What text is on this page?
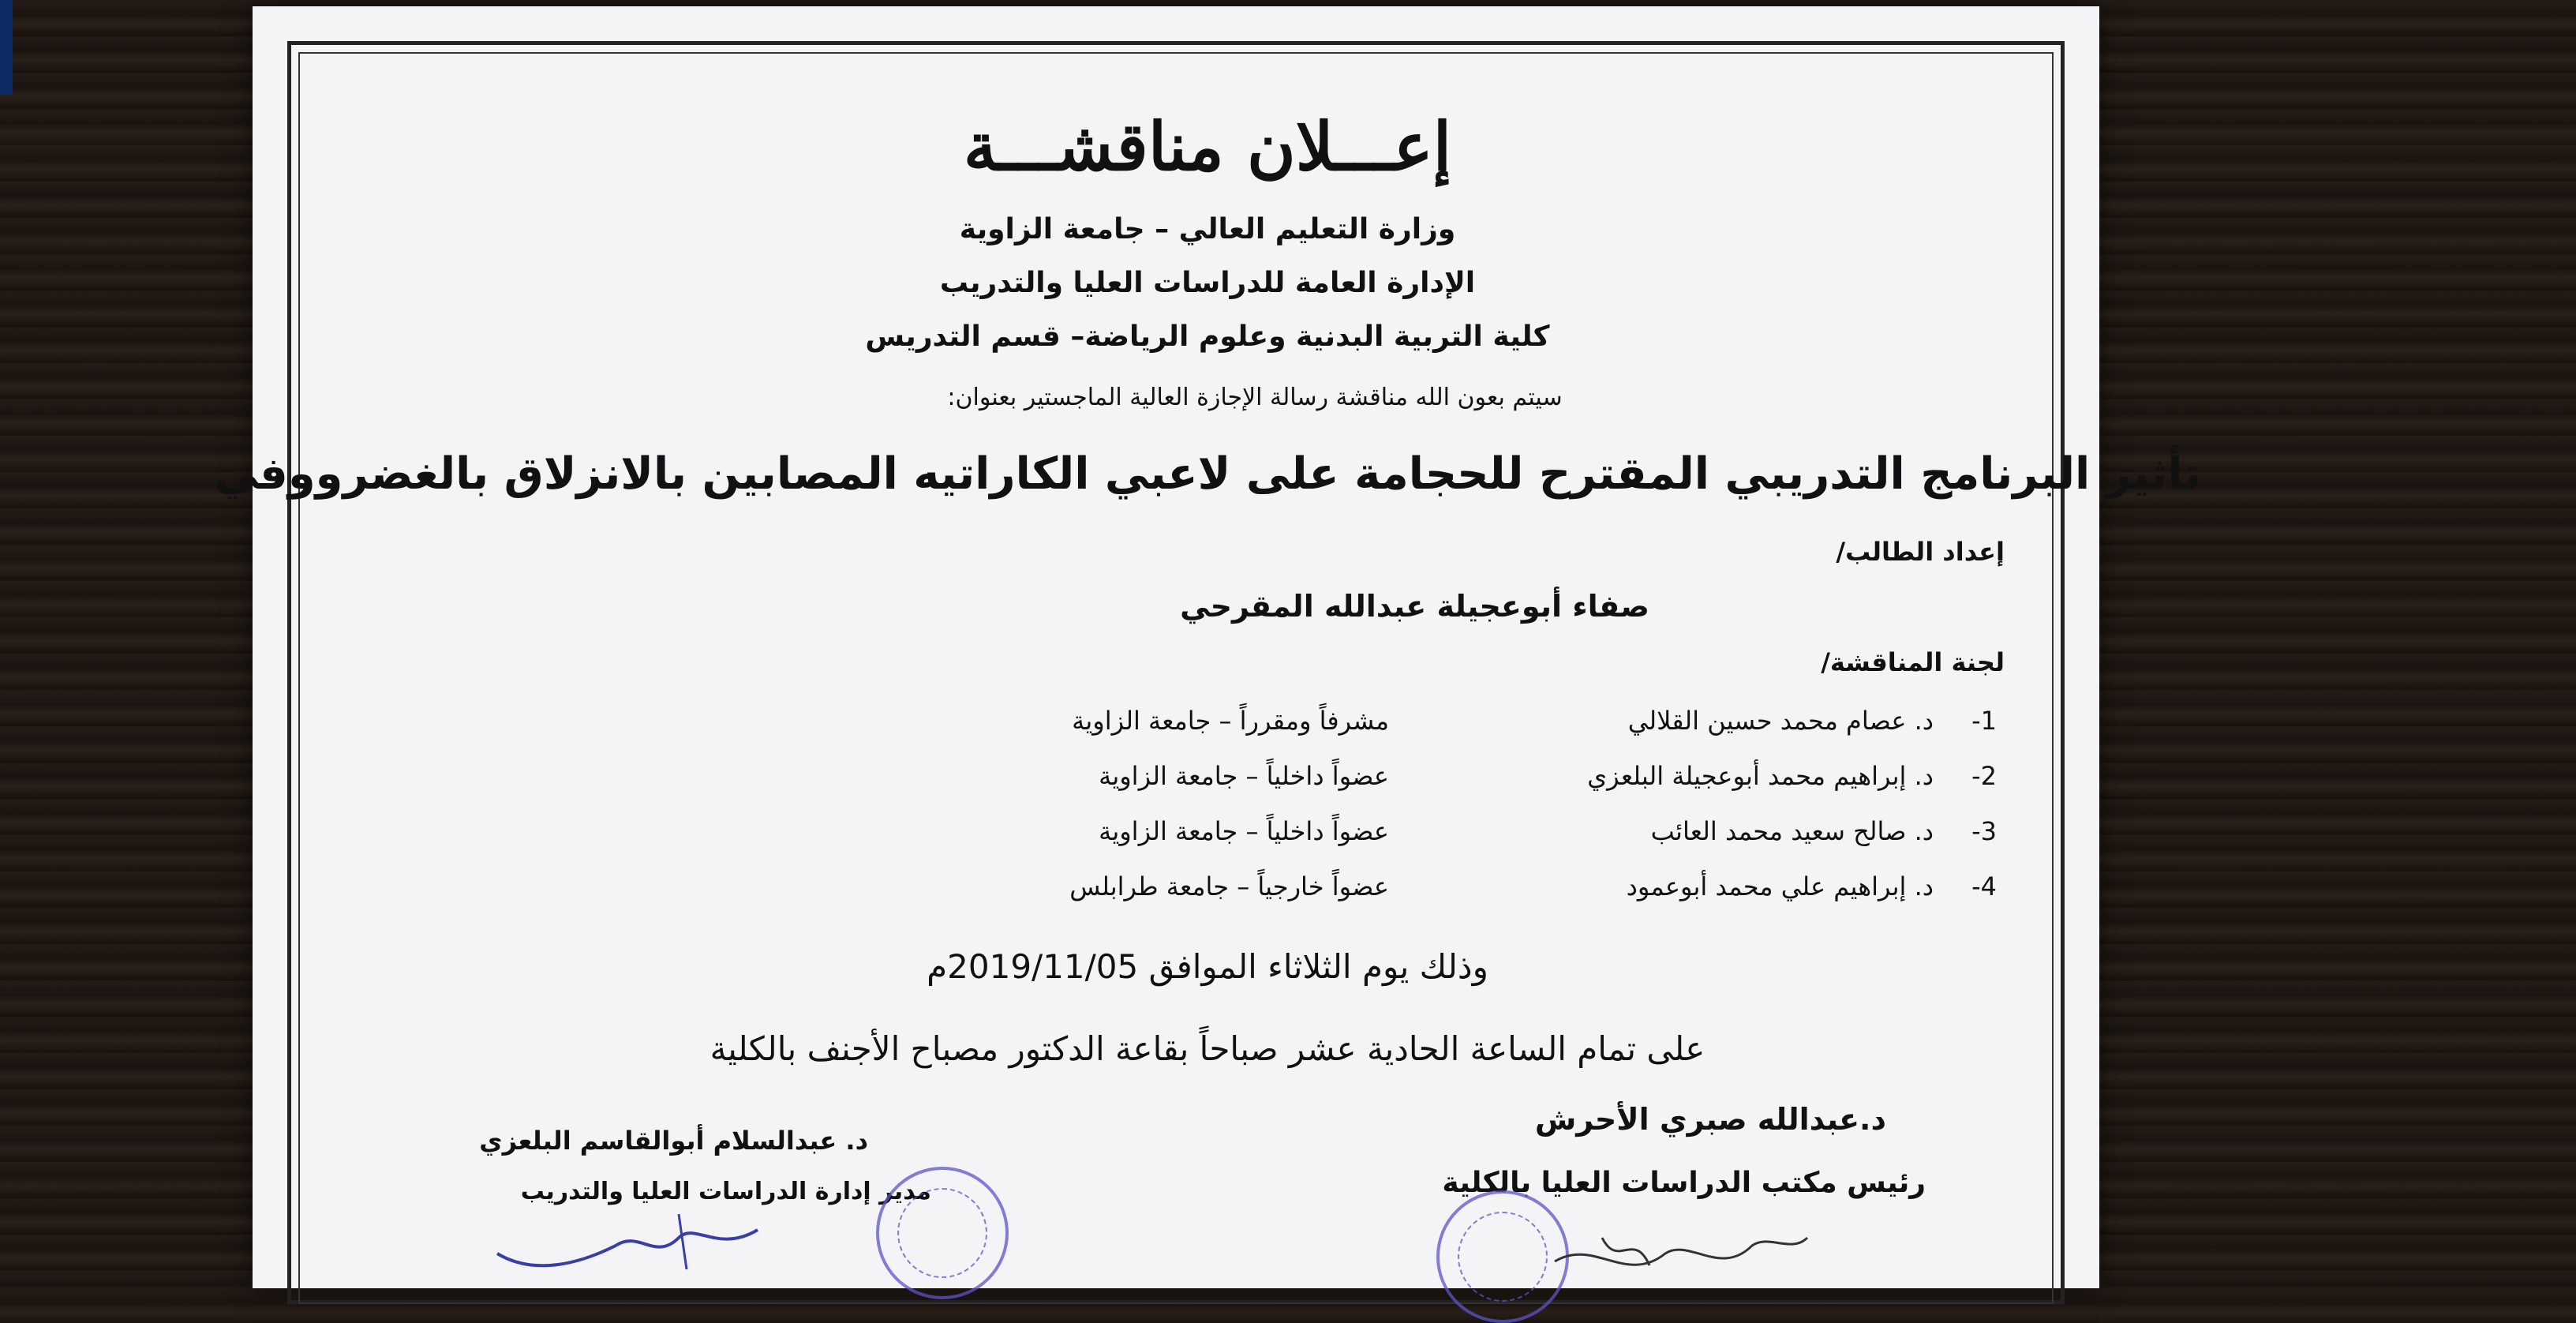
إعـــلان مناقشـــة
وزارة التعليم العالي – جامعة الزاوية
الإدارة العامة للدراسات العليا والتدريب
كلية التربية البدنية وعلوم الرياضة– قسم التدريس
سيتم بعون الله مناقشة رسالة الإجازة العالية الماجستير بعنوان:
تأثير البرنامج التدريبي المقترح للحجامة على لاعبي الكاراتيه المصابين بالانزلاق بالغضرووفي
إعداد الطالب/
صفاء أبوعجيلة عبدالله المقرحي
لجنة المناقشة/
1-
د. عصام محمد حسين القلالي
مشرفاً ومقرراً – جامعة الزاوية
2-
د. إبراهيم محمد أبوعجيلة البلعزي
عضواً داخلياً – جامعة الزاوية
3-
د. صالح سعيد محمد العائب
عضواً داخلياً – جامعة الزاوية
4-
د. إبراهيم علي محمد أبوعمود
عضواً خارجياً – جامعة طرابلس
وذلك يوم الثلاثاء الموافق 2019/11/05م
على تمام الساعة الحادية عشر صباحاً بقاعة الدكتور مصباح الأجنف بالكلية
د.عبدالله صبري الأحرش
رئيس مكتب الدراسات العليا بالكلية
د. عبدالسلام أبوالقاسم البلعزي
مدير إدارة الدراسات العليا والتدريب
